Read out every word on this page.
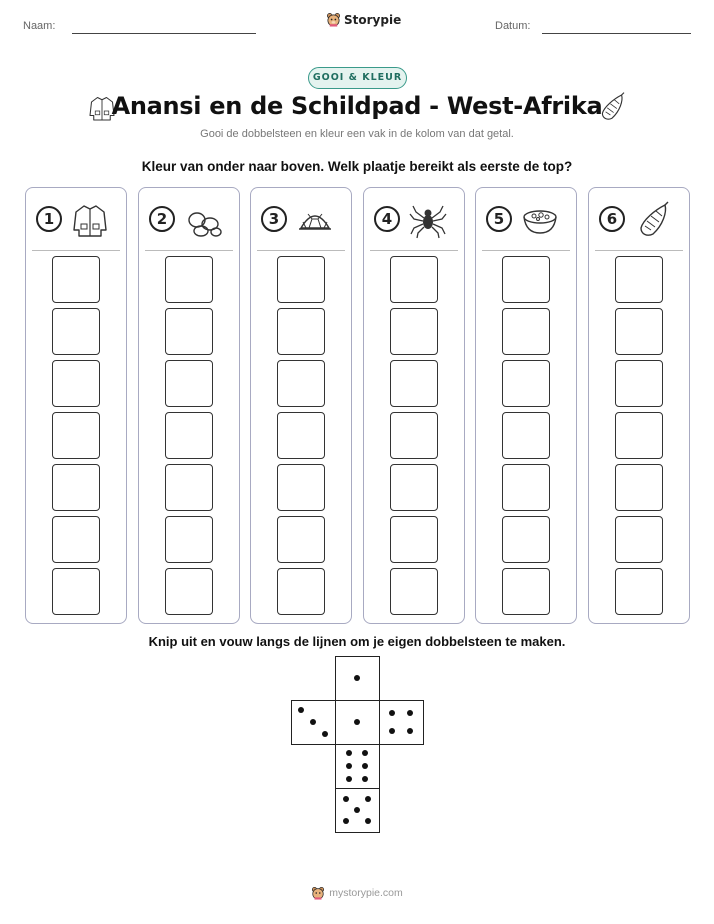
Naam:	Storypie	Datum:
GOOI & KLEUR
Anansi en de Schildpad - West-Afrika
Gooi de dobbelsteen en kleur een vak in de kolom van dat getal.
Kleur van onder naar boven. Welk plaatje bereikt als eerste de top?
1	2	3	4	5	6
Knip uit en vouw langs de lijnen om je eigen dobbelsteen te maken.
mystorypie.com
